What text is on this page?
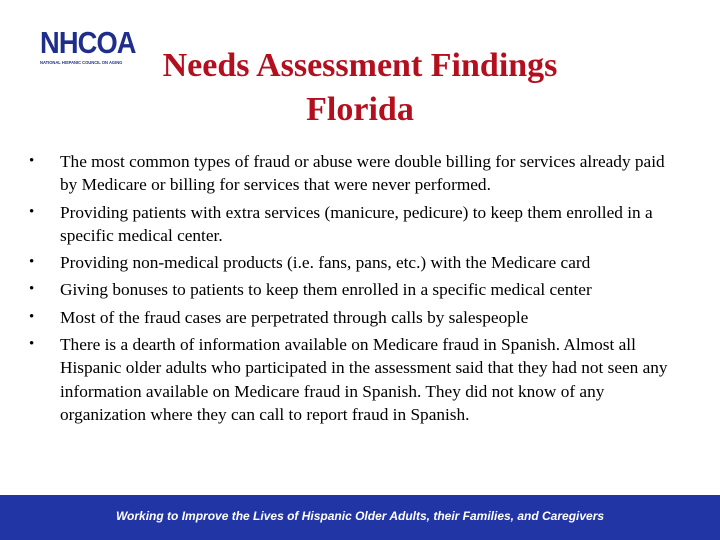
NHCOA
NATIONAL HISPANIC COUNCIL ON AGING	Needs Assessment Findings
Florida
• The most common types of fraud or abuse were double billing for services already paid by Medicare or billing for services that were never performed.
• Providing patients with extra services (manicure, pedicure) to keep them enrolled in a specific medical center.
• Providing non-medical products (i.e. fans, pans, etc.) with the Medicare card
• Giving bonuses to patients to keep them enrolled in a specific medical center
• Most of the fraud cases are perpetrated through calls by salespeople
• There is a dearth of information available on Medicare fraud in Spanish. Almost all Hispanic older adults who participated in the assessment said that they had not seen any information available on Medicare fraud in Spanish. They did not know of any organization where they can call to report fraud in Spanish.
Working to Improve the Lives of Hispanic Older Adults, their Families, and Caregivers
